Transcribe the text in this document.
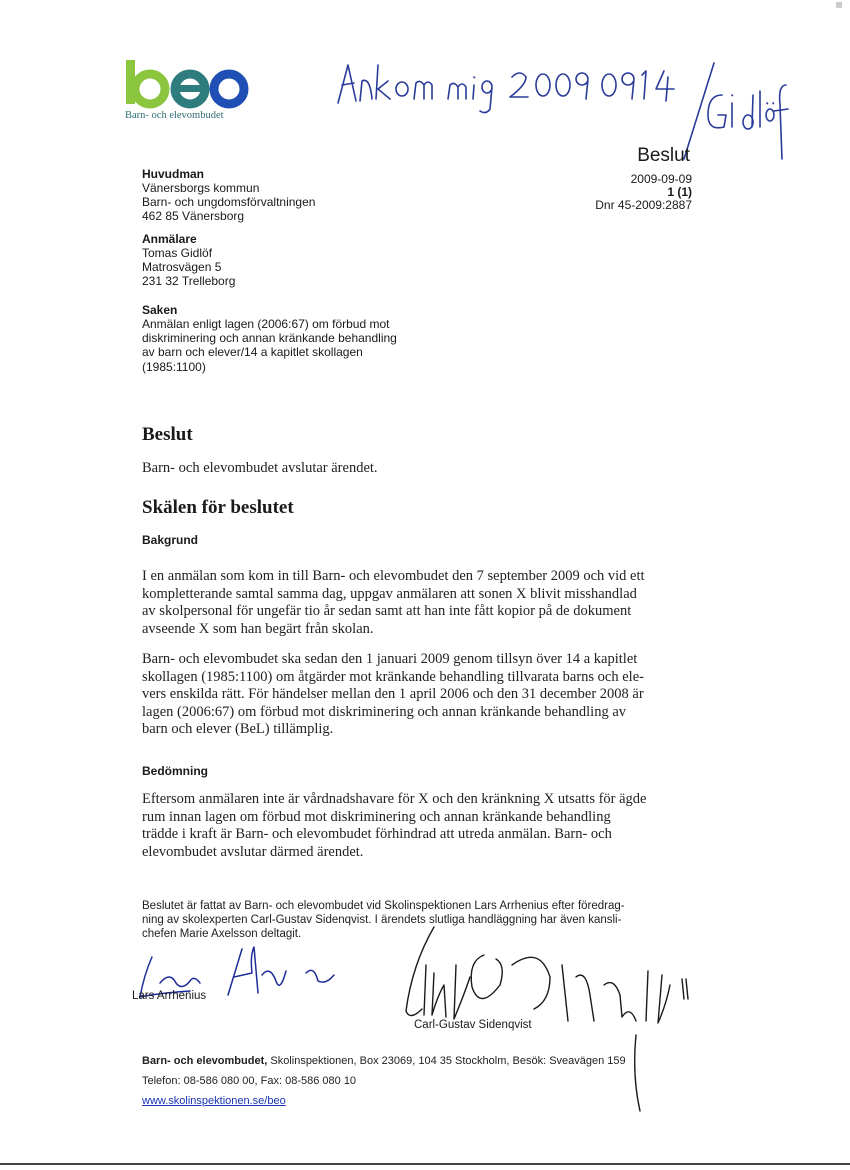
Barn- och elevombudet
Beslut
2009-09-09
1 (1)
Dnr 45-2009:2887
Huvudman
Vänersborgs kommun
Barn- och ungdomsförvaltningen
462 85 Vänersborg
Anmälare
Tomas Gidlöf
Matrosvägen 5
231 32 Trelleborg
Saken
Anmälan enligt lagen (2006:67) om förbud mot
diskriminering och annan kränkande behandling
av barn och elever/14 a kapitlet skollagen
(1985:1100)
Beslut

Barn- och elevombudet avslutar ärendet.

Skälen för beslutet
Bakgrund

I en anmälan som kom in till Barn- och elevombudet den 7 september 2009 och vid ett

kompletterande samtal samma dag, uppgav anmälaren att sonen X blivit misshandlad

av skolpersonal för ungefär tio år sedan samt att han inte fått kopior på de dokument

avseende X som han begärt från skolan.

Barn- och elevombudet ska sedan den 1 januari 2009 genom tillsyn över 14 a kapitlet

skollagen (1985:1100) om åtgärder mot kränkande behandling tillvarata barns och ele-

vers enskilda rätt. För händelser mellan den 1 april 2006 och den 31 december 2008 är

lagen (2006:67) om förbud mot diskriminering och annan kränkande behandling av

barn och elever (BeL) tillämplig.

Bedömning

Eftersom anmälaren inte är vårdnadshavare för X och den kränkning X utsatts för ägde

rum innan lagen om förbud mot diskriminering och annan kränkande behandling

trädde i kraft är Barn- och elevombudet förhindrad att utreda anmälan. Barn- och

elevombudet avslutar därmed ärendet.

Beslutet är fattat av Barn- och elevombudet vid Skolinspektionen Lars Arrhenius efter föredrag-

ning av skolexperten Carl-Gustav Sidenqvist. I ärendets slutliga handläggning har även kansli-

chefen Marie Axelsson deltagit.

Lars Arrhenius
Carl-Gustav Sidenqvist
Barn- och elevombudet, Skolinspektionen, Box 23069, 104 35 Stockholm, Besök: Sveavägen 159
Telefon: 08-586 080 00, Fax: 08-586 080 10
www.skolinspektionen.se/beo
